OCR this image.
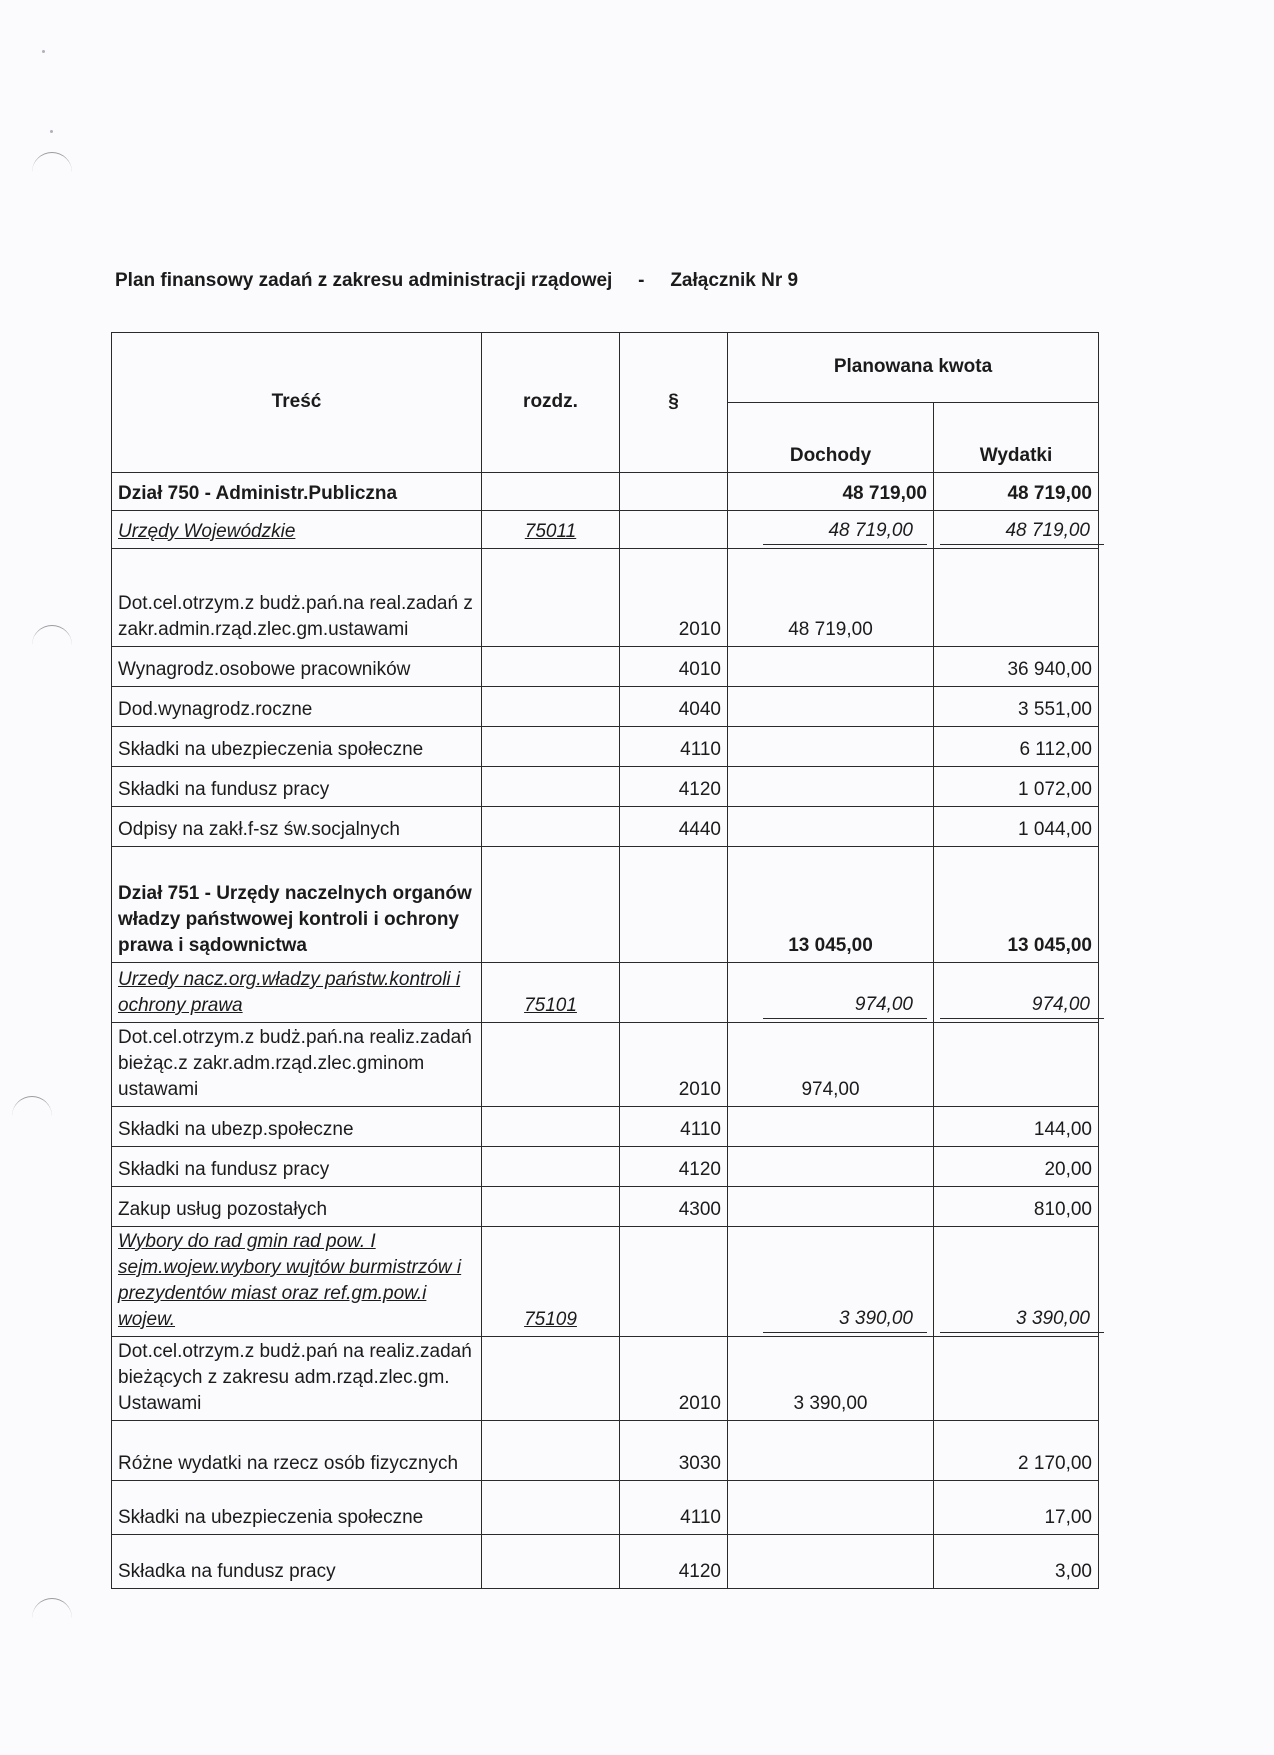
Plan finansowy zadań z zakresu administracji rządowej - Załącznik Nr 9
Treść	rozdz.	§	Planowana kwota	
			Dochody	Wydatki
Dział 750 - Administr.Publiczna			48 719,00	48 719,00
Urzędy Wojewódzkie	75011		48 719,00	48 719,00
Dot.cel.otrzym.z budż.pań.na real.zadań z zakr.admin.rząd.zlec.gm.ustawami		2010	48 719,00	
Wynagrodz.osobowe pracowników		4010		36 940,00
Dod.wynagrodz.roczne		4040		3 551,00
Składki na ubezpieczenia społeczne		4110		6 112,00
Składki na fundusz pracy		4120		1 072,00
Odpisy na zakł.f-sz św.socjalnych		4440		1 044,00
Dział 751 - Urzędy naczelnych organów władzy państwowej kontroli i ochrony prawa i sądownictwa			13 045,00	13 045,00
Urzedy nacz.org.władzy państw.kontroli i ochrony prawa	75101		974,00	974,00
Dot.cel.otrzym.z budż.pań.na realiz.zadań bieżąc.z zakr.adm.rząd.zlec.gminom ustawami		2010	974,00	
Składki na ubezp.społeczne		4110		144,00
Składki na fundusz pracy		4120		20,00
Zakup usług pozostałych		4300		810,00
Wybory do rad gmin rad pow. I sejm.wojew.wybory wujtów burmistrzów i prezydentów miast oraz ref.gm.pow.i wojew.	75109		3 390,00	3 390,00
Dot.cel.otrzym.z budż.pań na realiz.zadań bieżących z zakresu adm.rząd.zlec.gm. Ustawami		2010	3 390,00	
Różne wydatki na rzecz osób fizycznych		3030		2 170,00
Składki na ubezpieczenia społeczne		4110		17,00
Składka na fundusz pracy		4120		3,00
